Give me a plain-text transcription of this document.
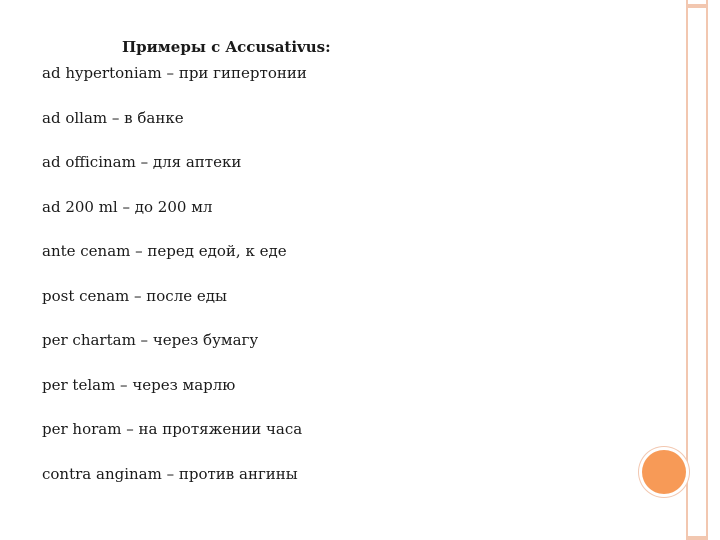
Примеры с Accusativus:
ad hypertoniam – при гипертонии
ad ollam – в банке
ad officinam – для аптеки
ad 200 ml – до 200 мл
ante cenam – перед едой, к еде
post cenam – после еды
per chartam – через бумагу
per telam – через марлю
per horam – на протяжении часа
contra anginam – против ангины
